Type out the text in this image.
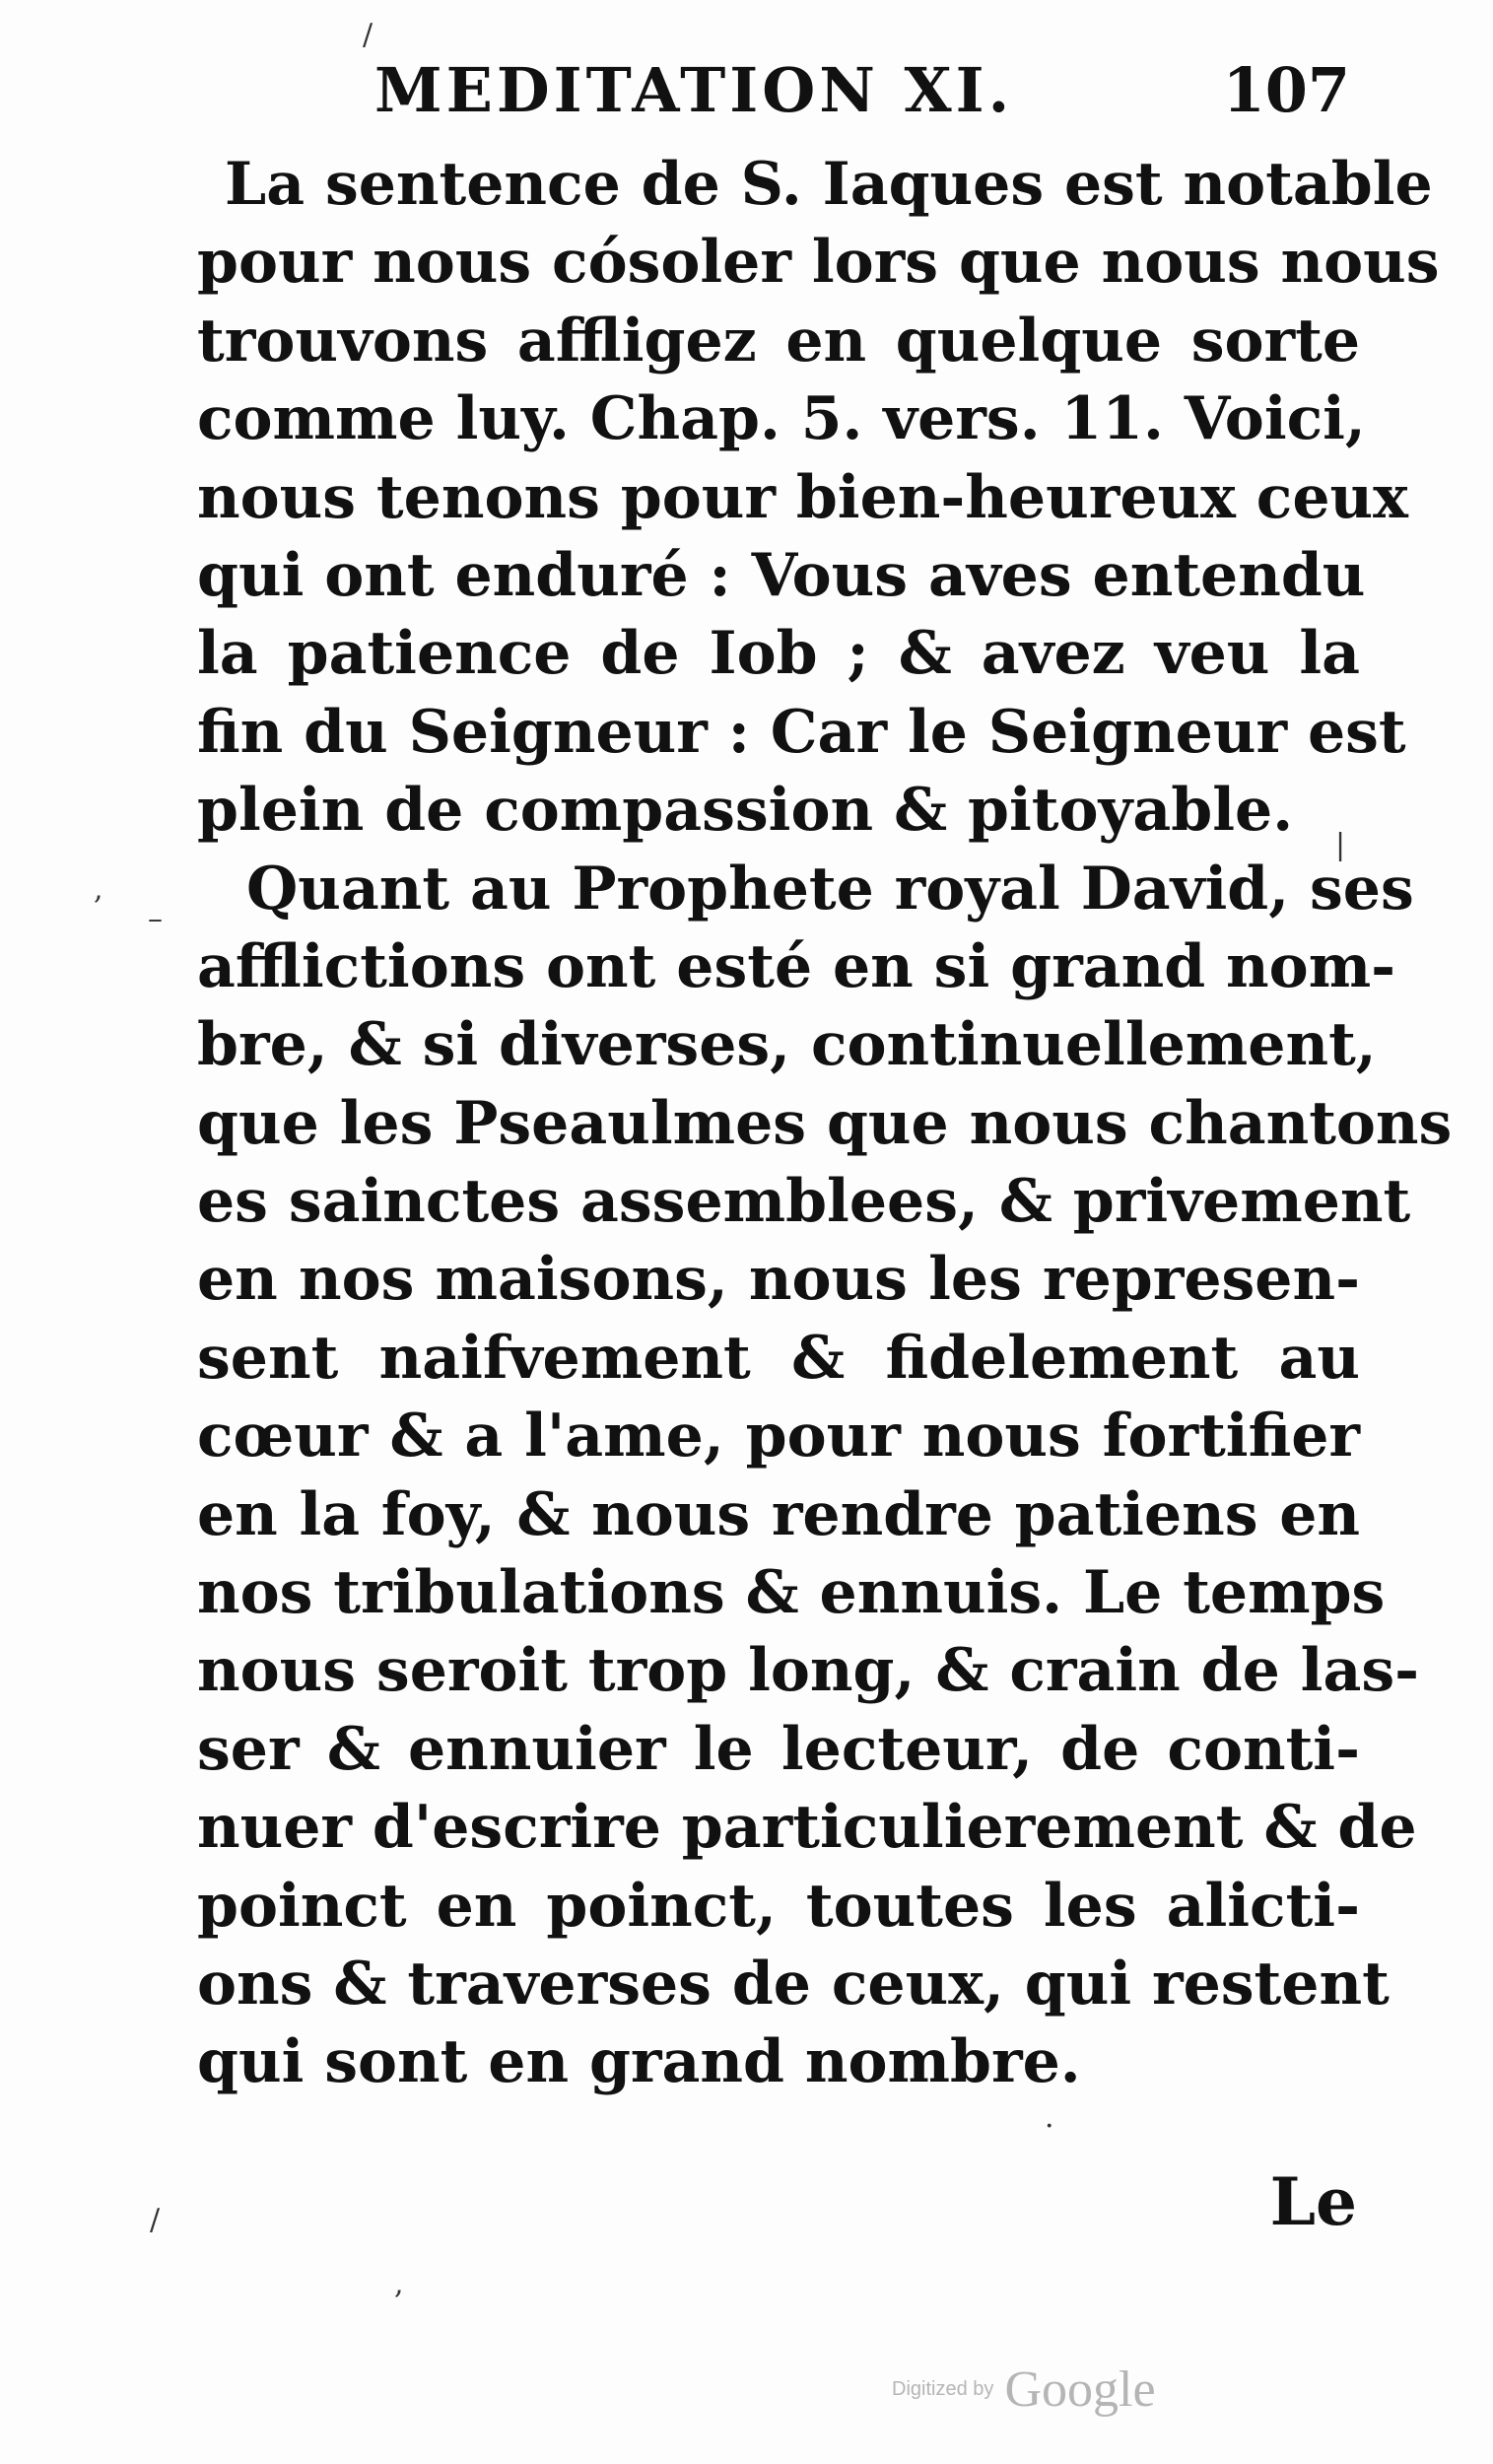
MEDITATION XI.	107
La sentence de S. Iaques est notable
pour nous cósoler lors que nous nous
trouvons affligez en quelque sorte
comme luy. Chap. 5. vers. 11. Voici,
nous tenons pour bien-heureux ceux
qui ont enduré : Vous aves entendu
la patience de Iob ; & avez veu la
fin du Seigneur : Car le Seigneur est
plein de compassion & pitoyable.
Quant au Prophete royal David, ses
afflictions ont esté en si grand nom-
bre, & si diverses, continuellement,
que les Pseaulmes que nous chantons
es sainctes assemblees, & privement
en nos maisons, nous les represen-
sent naifvement & fidelement au
cœur & a l'ame, pour nous fortifier
en la foy, & nous rendre patiens en
nos tribulations & ennuis. Le temps
nous seroit trop long, & crain de las-
ser & ennuier le lecteur, de conti-
nuer d'escrire particulierement & de
poinct en poinct, toutes les alicti-
ons & traverses de ceux, qui restent
qui sont en grand nombre.
Le
/
,
–
|
/
,
·
Digitized by Google
